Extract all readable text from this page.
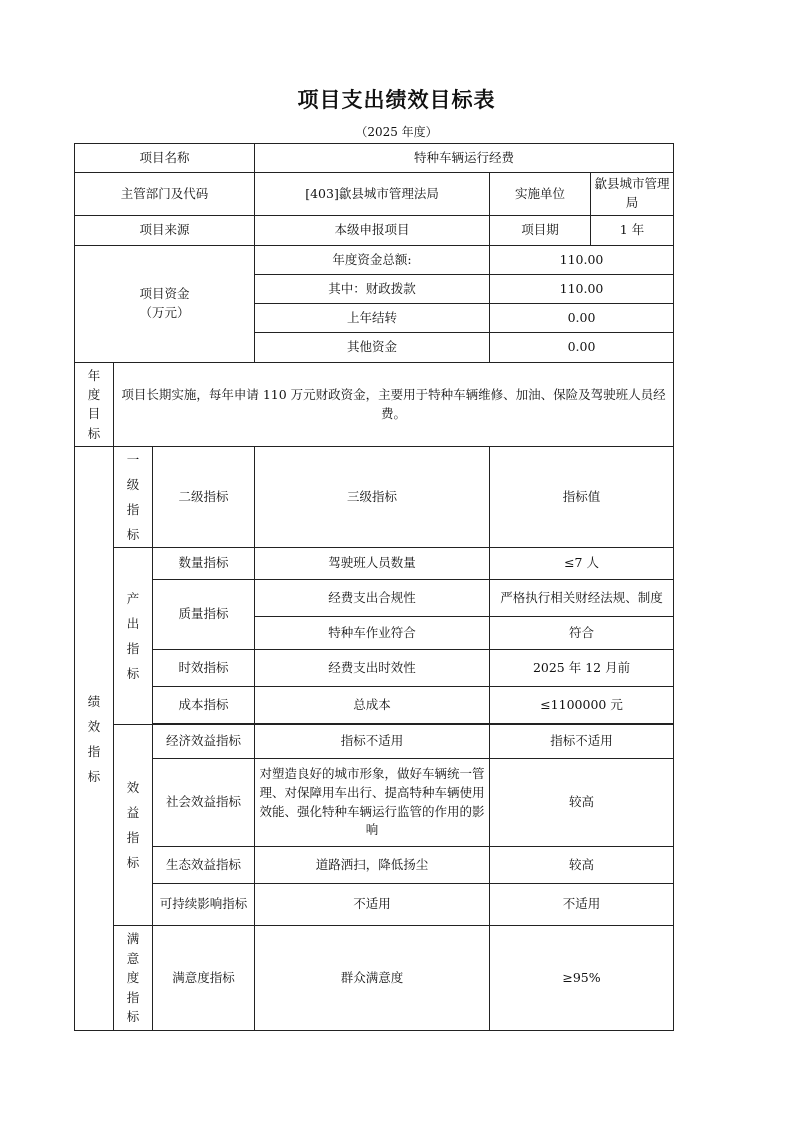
项目支出绩效目标表
（2025 年度）
项目名称			特种车辆运行经费		
主管部门及代码			[403]歙县城市管理法局	实施单位	歙县城市管理局
项目来源			本级申报项目	项目期	1 年

项目资金
（万元）			年度资金总额:	110.00	
			其中：财政拨款	110.00	
			上年结转	0.00	
			其他资金	0.00	
年度目标	项目长期实施，每年申请 110 万元财政资金，主要用于特种车辆维修、加油、保险及驾驶班人员经费。				
绩效指标	一级指标	二级指标	三级指标	指标值	
	产出指标	数量指标	驾驶班人员数量	≤7 人	
		质量指标	经费支出合规性	严格执行相关财经法规、制度	
			特种车作业符合	符合	
		时效指标	经费支出时效性	2025 年 12 月前	
		成本指标	总成本	≤1100000 元	

	效益指标	经济效益指标	指标不适用	指标不适用	
		社会效益指标	对塑造良好的城市形象，做好车辆统一管理、对保障用车出行、提高特种车辆使用效能、强化特种车辆运行监管的作用的影响	较高	
		生态效益指标	道路洒扫，降低扬尘	较高	
		可持续影响指标	不适用	不适用	
	满意度指标	满意度指标	群众满意度	≥95%	
